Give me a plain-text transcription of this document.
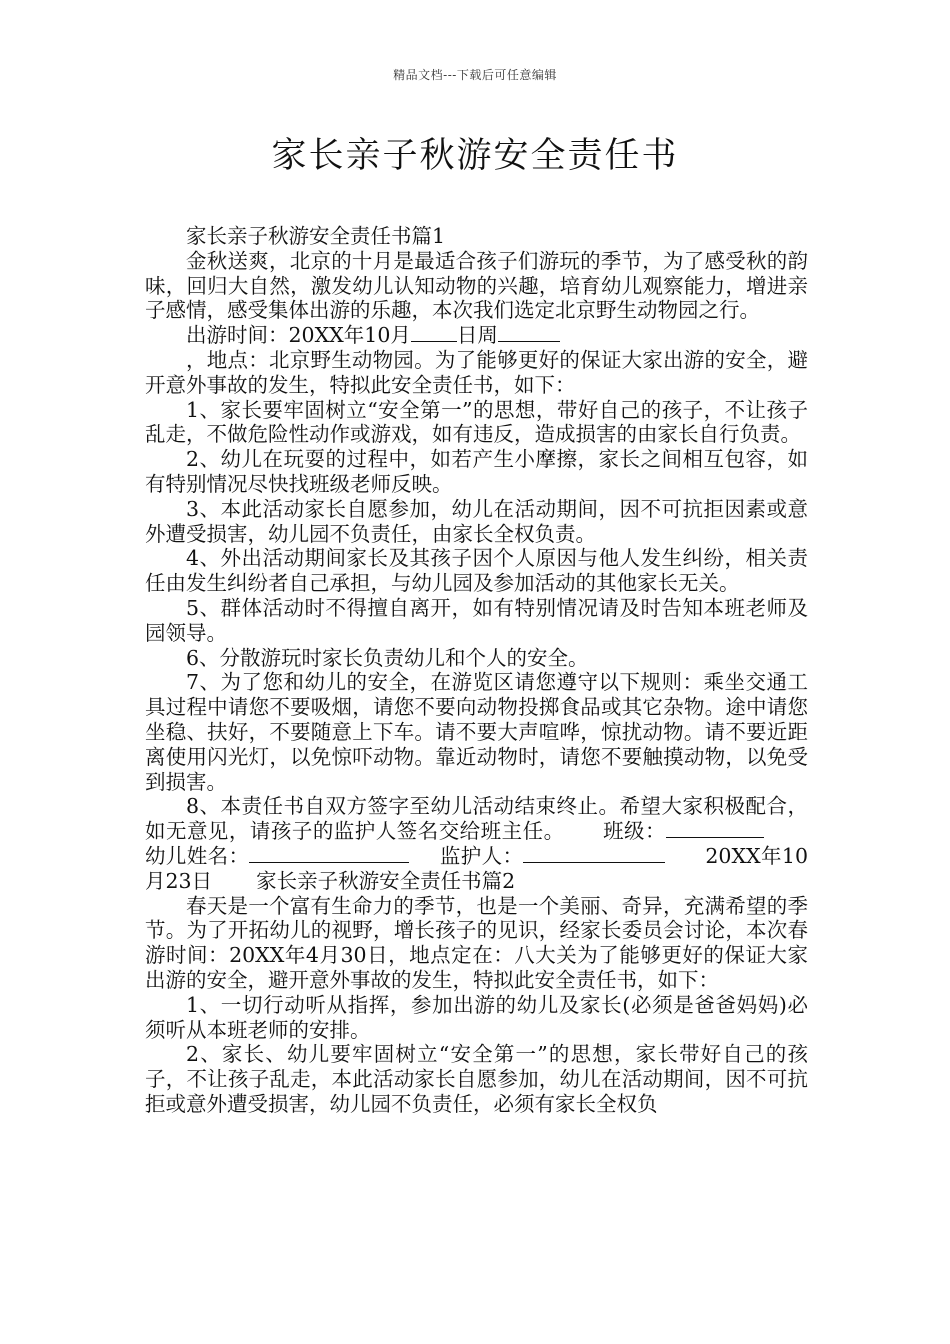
精品文档---下载后可任意编辑
家长亲子秋游安全责任书

家长亲子秋游安全责任书篇1

金秋送爽，北京的十月是最适合孩子们游玩的季节，为了感受秋的韵味，回归大自然，激发幼儿认知动物的兴趣，培育幼儿观察能力，增进亲子感情，感受集体出游的乐趣，本次我们选定北京野生动物园之行。

出游时间：20XX年10月 日周

，地点：北京野生动物园。为了能够更好的保证大家出游的安全，避开意外事故的发生，特拟此安全责任书，如下：

1、家长要牢固树立“安全第一”的思想，带好自己的孩子，不让孩子乱走，不做危险性动作或游戏，如有违反，造成损害的由家长自行负责。

2、幼儿在玩耍的过程中，如若产生小摩擦，家长之间相互包容，如有特别情况尽快找班级老师反映。

3、本此活动家长自愿参加，幼儿在活动期间，因不可抗拒因素或意外遭受损害，幼儿园不负责任，由家长全权负责。

4、外出活动期间家长及其孩子因个人原因与他人发生纠纷，相关责任由发生纠纷者自己承担，与幼儿园及参加活动的其他家长无关。

5、群体活动时不得擅自离开，如有特别情况请及时告知本班老师及园领导。

6、分散游玩时家长负责幼儿和个人的安全。

7、为了您和幼儿的安全，在游览区请您遵守以下规则：乘坐交通工具过程中请您不要吸烟，请您不要向动物投掷食品或其它杂物。途中请您坐稳、扶好，不要随意上下车。请不要大声喧哗，惊扰动物。请不要近距离使用闪光灯，以免惊吓动物。靠近动物时，请您不要触摸动物，以免受到损害。

8、本责任书自双方签字至幼儿活动结束终止。希望大家积极配合，如无意见，请孩子的监护人签名交给班主任。 班级：幼儿姓名：	监护人：	20XX年10月23日 家长亲子秋游安全责任书篇2

春天是一个富有生命力的季节，也是一个美丽、奇异，充满希望的季节。为了开拓幼儿的视野，增长孩子的见识，经家长委员会讨论，本次春游时间：20XX年4月30日，地点定在：八大关为了能够更好的保证大家出游的安全，避开意外事故的发生，特拟此安全责任书，如下：

1、一切行动听从指挥，参加出游的幼儿及家长(必须是爸爸妈妈)必须听从本班老师的安排。

2、家长、幼儿要牢固树立“安全第一”的思想，家长带好自己的孩子，不让孩子乱走，本此活动家长自愿参加，幼儿在活动期间，因不可抗拒或意外遭受损害，幼儿园不负责任，必须有家长全权负
